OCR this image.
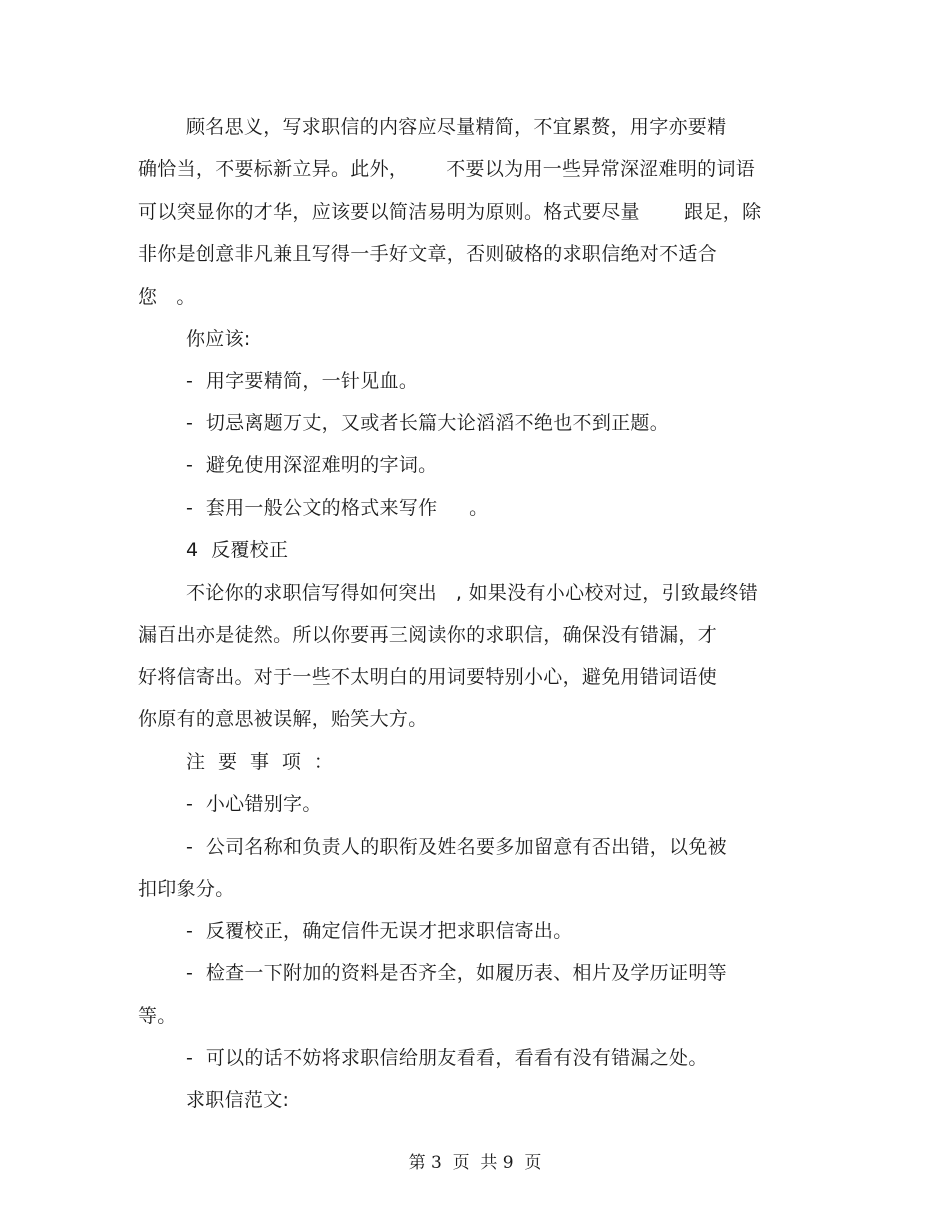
顾名思义，写求职信的内容应尽量精简，不宜累赘，用字亦要精
确恰当，不要标新立异。此外，      不要以为用一些异常深涩难明的词语
可以突显你的才华，应该要以简洁易明为原则。格式要尽量       跟足，除
非你是创意非凡兼且写得一手好文章，否则破格的求职信绝对不适合
您   。
你应该:
-  用字要精简，一针见血。
-  切忌离题万丈，又或者长篇大论滔滔不绝也不到正题。
-  避免使用深涩难明的字词。
-  套用一般公文的格式来写作     。
4  反覆校正
不论你的求职信写得如何突出   , 如果没有小心校对过，引致最终错
漏百出亦是徒然。所以你要再三阅读你的求职信，确保没有错漏，才
好将信寄出。对于一些不太明白的用词要特别小心，避免用错词语使
你原有的意思被误解，贻笑大方。
注  要  事  项  ：
-  小心错别字。
-  公司名称和负责人的职衔及姓名要多加留意有否出错，以免被
扣印象分。
-  反覆校正，确定信件无误才把求职信寄出。
-  检查一下附加的资料是否齐全，如履历表、相片及学历证明等
等。
-  可以的话不妨将求职信给朋友看看，看看有没有错漏之处。
求职信范文:
第 3  页  共 9  页
